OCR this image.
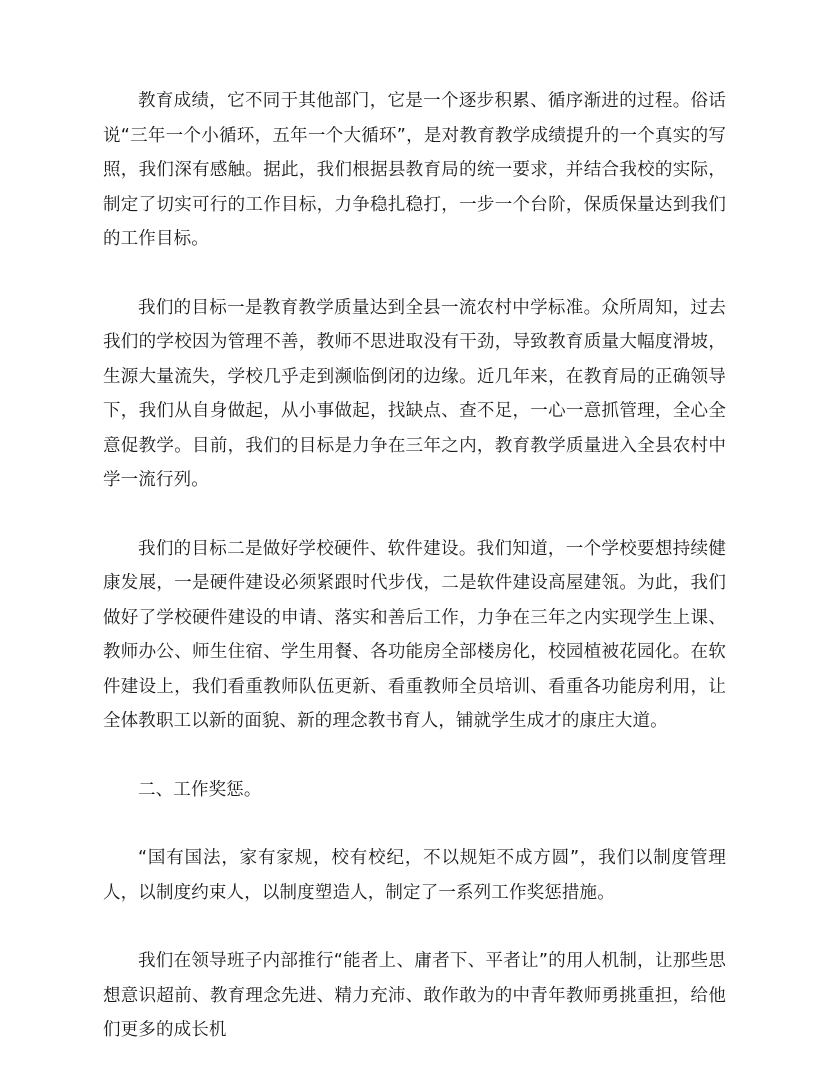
教育成绩，它不同于其他部门，它是一个逐步积累、循序渐进的过程。俗话说“三年一个小循环，五年一个大循环”，是对教育教学成绩提升的一个真实的写照，我们深有感触。据此，我们根据县教育局的统一要求，并结合我校的实际，制定了切实可行的工作目标，力争稳扎稳打，一步一个台阶，保质保量达到我们的工作目标。

我们的目标一是教育教学质量达到全县一流农村中学标准。众所周知，过去我们的学校因为管理不善，教师不思进取没有干劲，导致教育质量大幅度滑坡，生源大量流失，学校几乎走到濒临倒闭的边缘。近几年来，在教育局的正确领导下，我们从自身做起，从小事做起，找缺点、查不足，一心一意抓管理，全心全意促教学。目前，我们的目标是力争在三年之内，教育教学质量进入全县农村中学一流行列。

我们的目标二是做好学校硬件、软件建设。我们知道，一个学校要想持续健康发展，一是硬件建设必须紧跟时代步伐，二是软件建设高屋建瓴。为此，我们做好了学校硬件建设的申请、落实和善后工作，力争在三年之内实现学生上课、教师办公、师生住宿、学生用餐、各功能房全部楼房化，校园植被花园化。在软件建设上，我们看重教师队伍更新、看重教师全员培训、看重各功能房利用，让全体教职工以新的面貌、新的理念教书育人，铺就学生成才的康庄大道。

二、工作奖惩。

“国有国法，家有家规，校有校纪，不以规矩不成方圆”，我们以制度管理人，以制度约束人，以制度塑造人，制定了一系列工作奖惩措施。

我们在领导班子内部推行“能者上、庸者下、平者让”的用人机制，让那些思想意识超前、教育理念先进、精力充沛、敢作敢为的中青年教师勇挑重担，给他们更多的成长机
